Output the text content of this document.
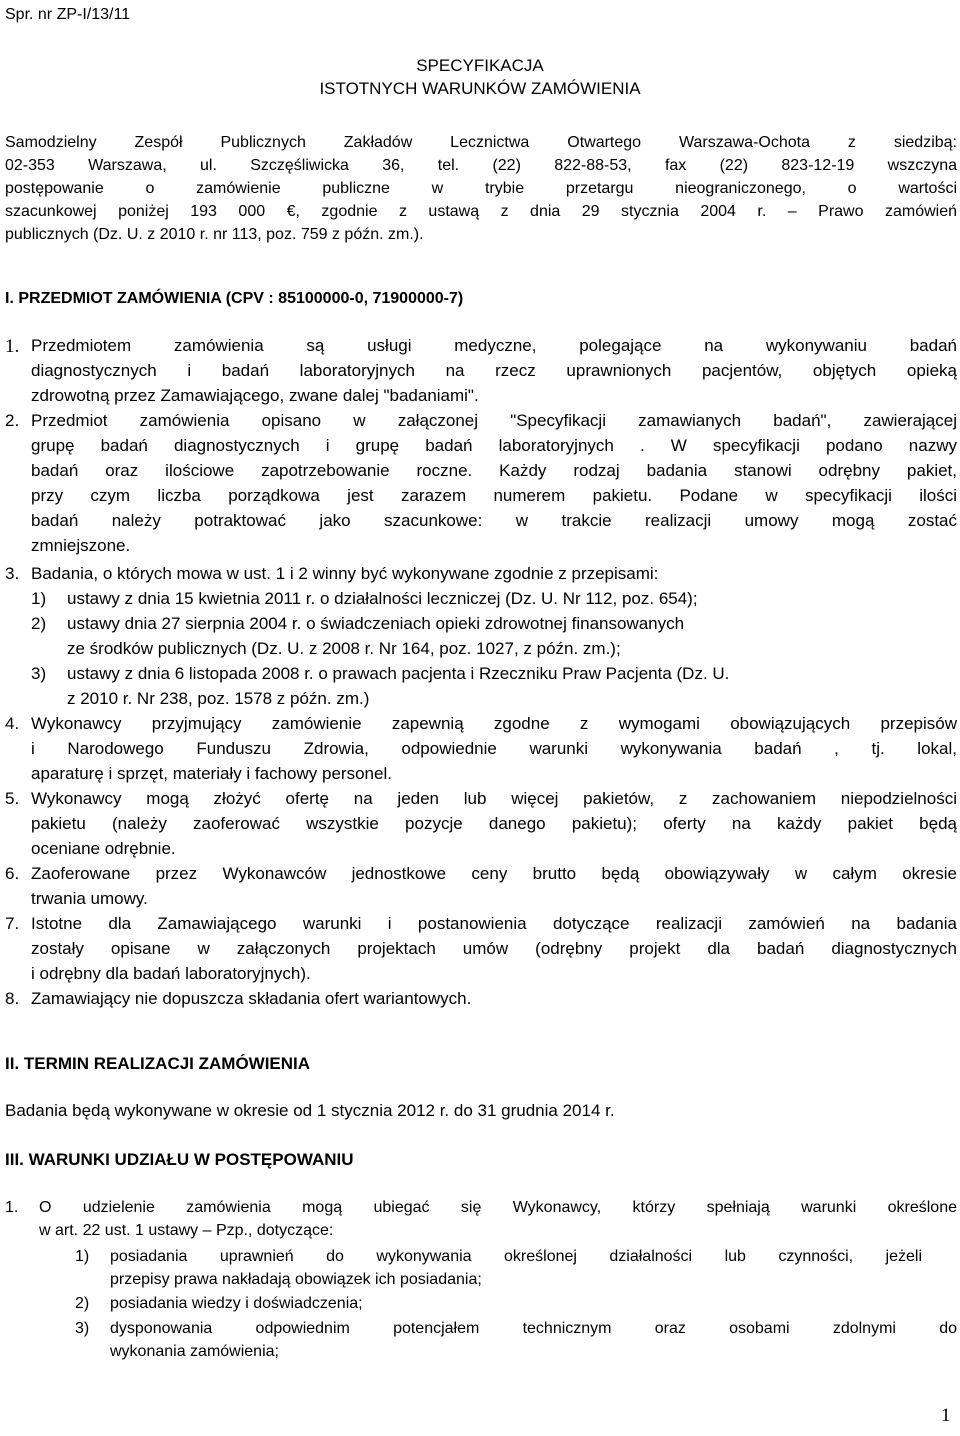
Spr. nr ZP-I/13/11
SPECYFIKACJA
ISTOTNYCH WARUNKÓW ZAMÓWIENIA
Samodzielny Zespół Publicznych Zakładów Lecznictwa Otwartego Warszawa-Ochota z siedzibą:
02-353 Warszawa, ul. Szczęśliwicka 36, tel. (22) 822-88-53, fax (22) 823-12-19 wszczyna
postępowanie o zamówienie publiczne w trybie przetargu nieograniczonego, o wartości
szacunkowej poniżej 193 000 €, zgodnie z ustawą z dnia 29 stycznia 2004 r. – Prawo zamówień
publicznych (Dz. U. z 2010 r. nr 113, poz. 759 z późn. zm.).
I. PRZEDMIOT ZAMÓWIENIA (CPV : 85100000-0, 71900000-7)
1. Przedmiotem zamówienia są usługi medyczne, polegające na wykonywaniu badań
diagnostycznych i badań laboratoryjnych na rzecz uprawnionych pacjentów, objętych opieką
zdrowotną przez Zamawiającego, zwane dalej "badaniami".
2. Przedmiot zamówienia opisano w załączonej "Specyfikacji zamawianych badań", zawierającej
grupę badań diagnostycznych i grupę badań laboratoryjnych . W specyfikacji podano nazwy
badań oraz ilościowe zapotrzebowanie roczne. Każdy rodzaj badania stanowi odrębny pakiet,
przy czym liczba porządkowa jest zarazem numerem pakietu. Podane w specyfikacji ilości
badań należy potraktować jako szacunkowe: w trakcie realizacji umowy mogą zostać
zmniejszone.
3. Badania, o których mowa w ust. 1 i 2 winny być wykonywane zgodnie z przepisami:
1) ustawy z dnia 15 kwietnia 2011 r. o działalności leczniczej (Dz. U. Nr 112, poz. 654);
2) ustawy dnia 27 sierpnia 2004 r. o świadczeniach opieki zdrowotnej finansowanych
ze środków publicznych (Dz. U. z 2008 r. Nr 164, poz. 1027, z późn. zm.);
3) ustawy z dnia 6 listopada 2008 r. o prawach pacjenta i Rzeczniku Praw Pacjenta (Dz. U.
z 2010 r. Nr 238, poz. 1578 z późn. zm.)
4. Wykonawcy przyjmujący zamówienie zapewnią zgodne z wymogami obowiązujących przepisów
i Narodowego Funduszu Zdrowia, odpowiednie warunki wykonywania badań , tj. lokal,
aparaturę i sprzęt, materiały i fachowy personel.
5. Wykonawcy mogą złożyć ofertę na jeden lub więcej pakietów, z zachowaniem niepodzielności
pakietu (należy zaoferować wszystkie pozycje danego pakietu); oferty na każdy pakiet będą
oceniane odrębnie.
6. Zaoferowane przez Wykonawców jednostkowe ceny brutto będą obowiązywały w całym okresie
trwania umowy.
7. Istotne dla Zamawiającego warunki i postanowienia dotyczące realizacji zamówień na badania
zostały opisane w załączonych projektach umów (odrębny projekt dla badań diagnostycznych
i odrębny dla badań laboratoryjnych).
8. Zamawiający nie dopuszcza składania ofert wariantowych.
II. TERMIN REALIZACJI ZAMÓWIENIA
Badania będą wykonywane w okresie od 1 stycznia 2012 r. do 31 grudnia 2014 r.
III. WARUNKI UDZIAŁU W POSTĘPOWANIU
1. O udzielenie zamówienia mogą ubiegać się Wykonawcy, którzy spełniają warunki określone
w art. 22 ust. 1 ustawy – Pzp., dotyczące:
1) posiadania uprawnień do wykonywania określonej działalności lub czynności, jeżeli
przepisy prawa nakładają obowiązek ich posiadania;
2) posiadania wiedzy i doświadczenia;
3) dysponowania odpowiednim potencjałem technicznym oraz osobami zdolnymi do
wykonania zamówienia;
1
